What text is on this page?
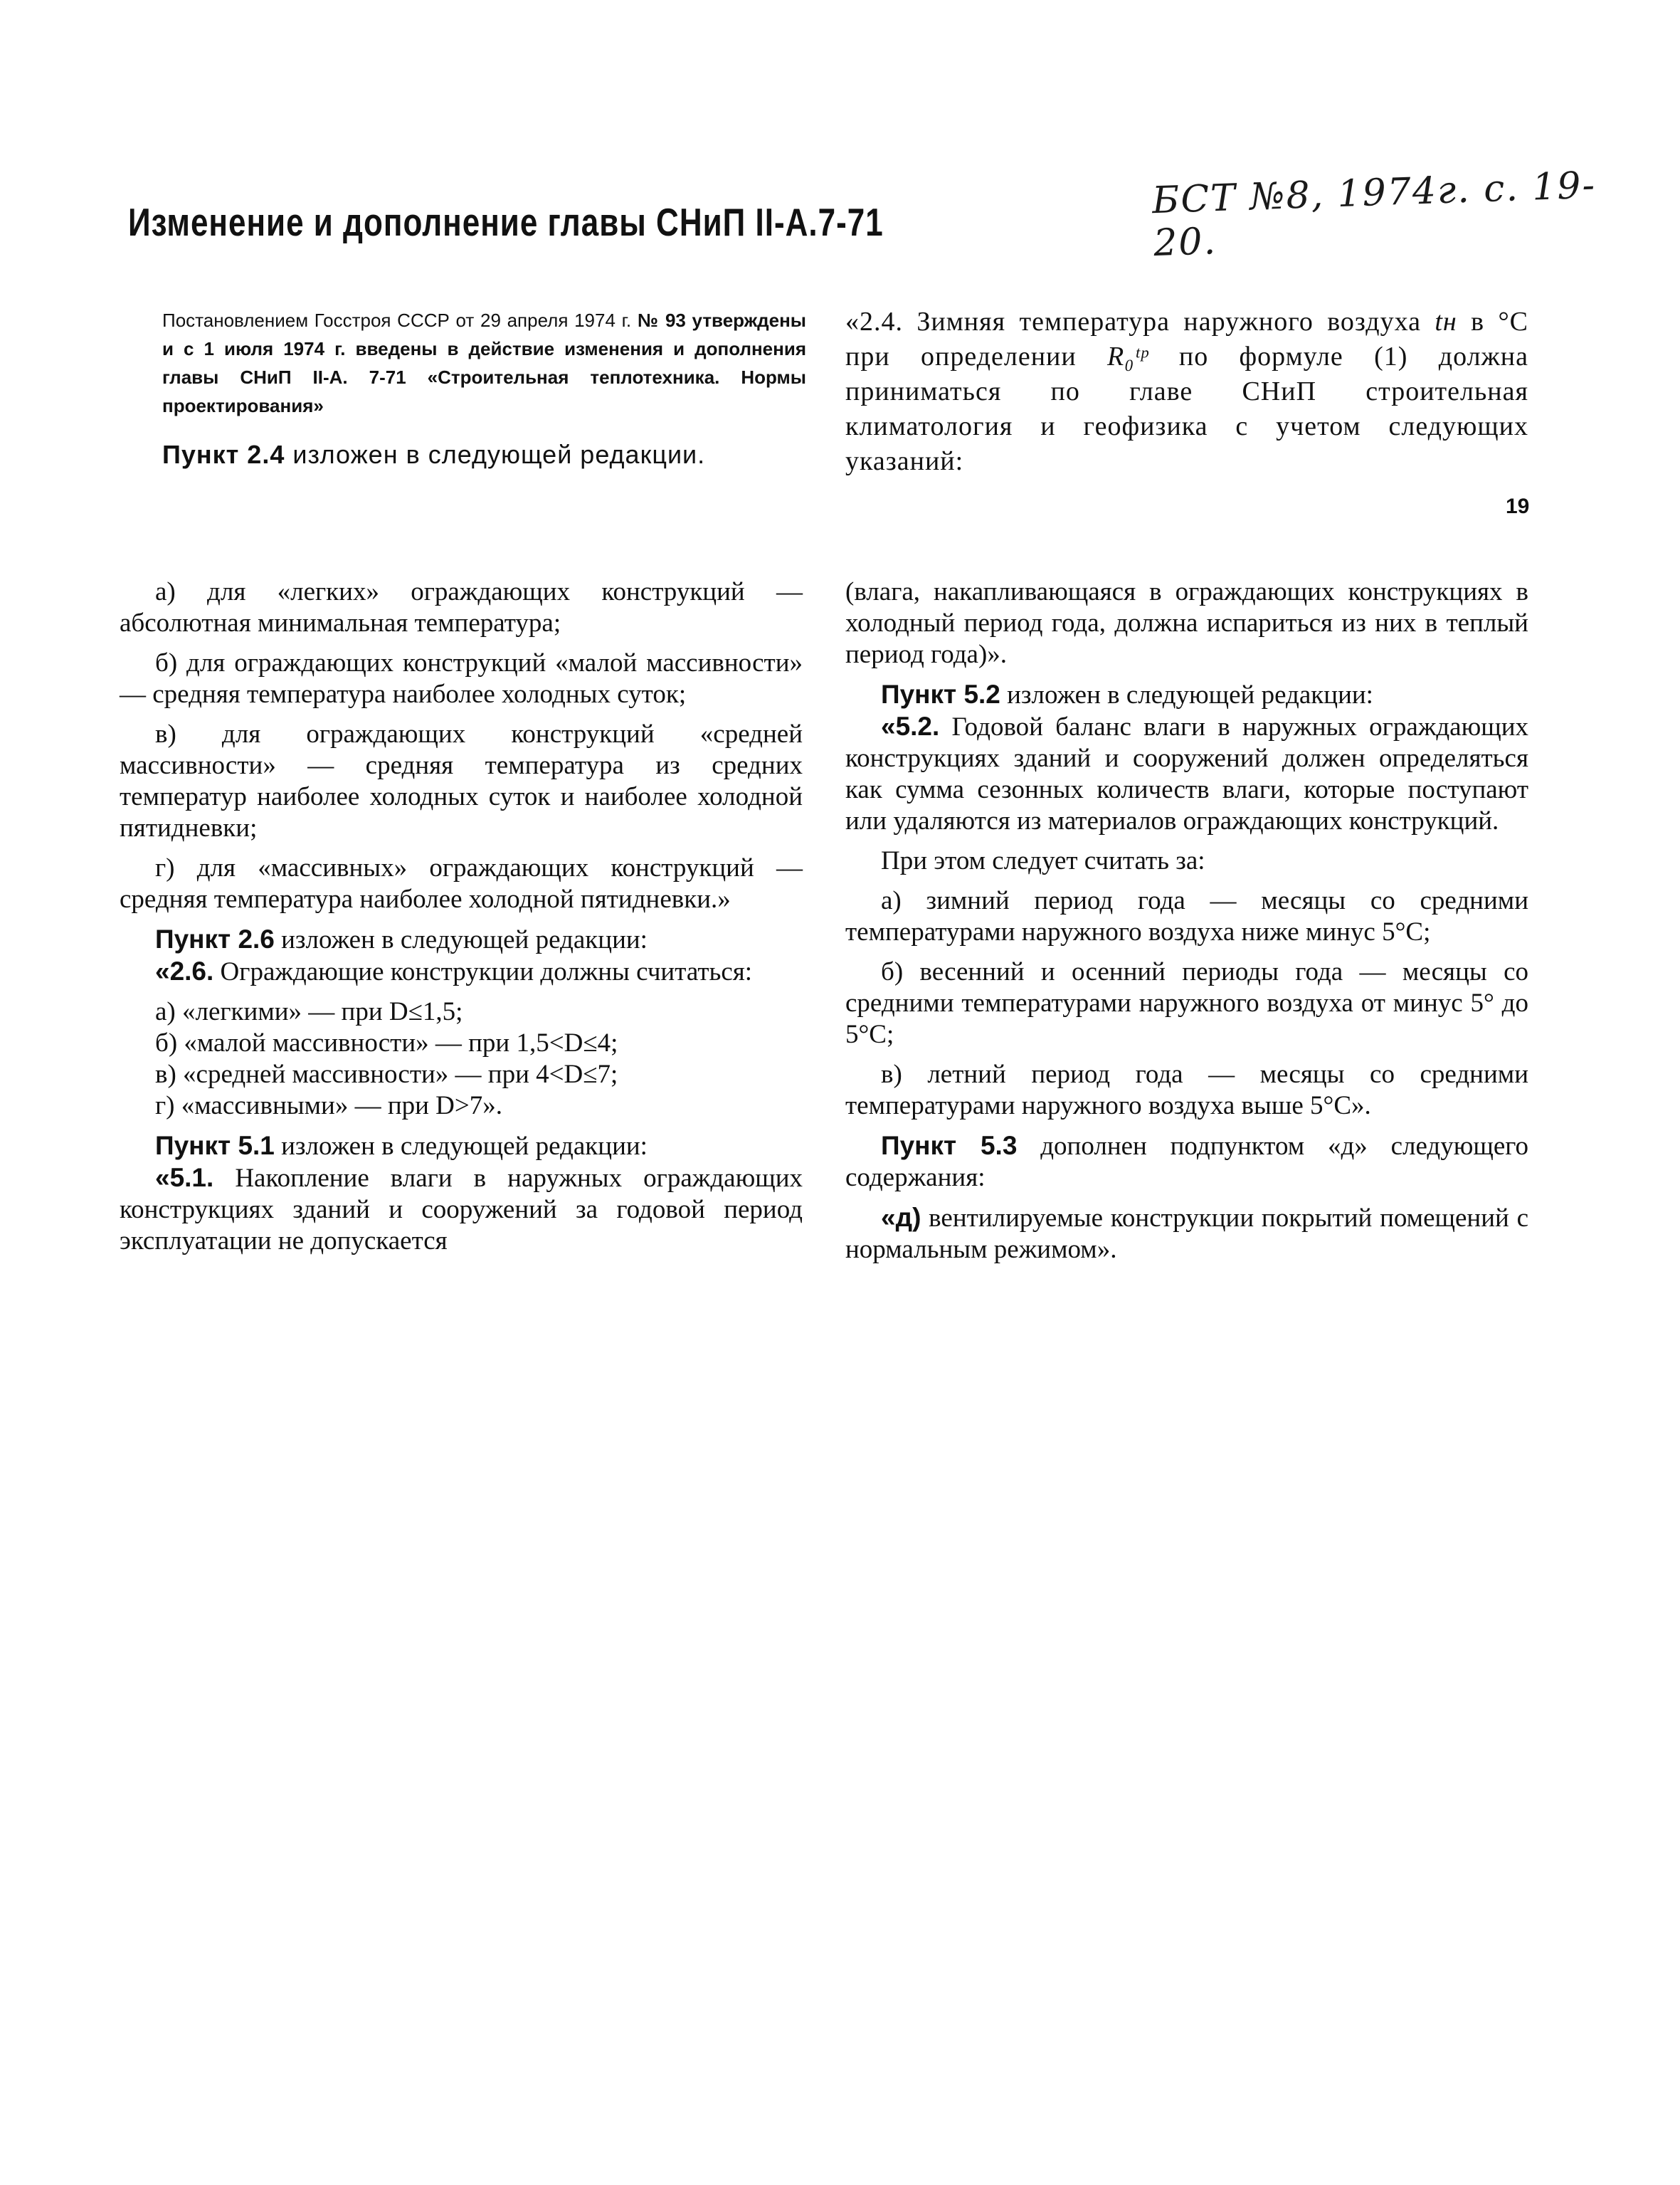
БСТ №8, 1974г. с. 19-20.
Изменение и дополнение главы СНиП II-А.7-71

Постановлением Госстроя СССР от 29 апреля 1974 г. № 93 утверждены и с 1 июля 1974 г. введены в действие изменения и дополнения главы СНиП II-А. 7-71 «Строительная теплотехника. Нормы проектирования»

Пункт 2.4 изложен в следующей редакции.
«2.4. Зимняя температура наружного воздуха tн в °С при определении R₀ᵗᵖ по формуле (1) должна приниматься по главе СНиП строительная климатология и геофизика с учетом следующих указаний:
19

а) для «легких» ограждающих конструкций — абсолютная минимальная температура;

б) для ограждающих конструкций «малой массивности» — средняя температура наиболее холодных суток;

в) для ограждающих конструкций «средней массивности» — средняя температура из средних температур наиболее холодных суток и наиболее холодной пятидневки;

г) для «массивных» ограждающих конструкций — средняя температура наиболее холодной пятидневки.»

Пункт 2.6 изложен в следующей редакции:

«2.6. Ограждающие конструкции должны считаться:

а) «легкими» — при D≤1,5;

б) «малой массивности» — при 1,5<D≤4;

в) «средней массивности» — при 4<D≤7;

г) «массивными» — при D>7».

Пункт 5.1 изложен в следующей редакции:

«5.1. Накопление влаги в наружных ограждающих конструкциях зданий и сооружений за годовой период эксплуатации не допускается

(влага, накапливающаяся в ограждающих конструкциях в холодный период года, должна испариться из них в теплый период года)».

Пункт 5.2 изложен в следующей редакции:

«5.2. Годовой баланс влаги в наружных ограждающих конструкциях зданий и сооружений должен определяться как сумма сезонных количеств влаги, которые поступают или удаляются из материалов ограждающих конструкций.

При этом следует считать за:

а) зимний период года — месяцы со средними температурами наружного воздуха ниже минус 5°С;

б) весенний и осенний периоды года — месяцы со средними температурами наружного воздуха от минус 5° до 5°С;

в) летний период года — месяцы со средними температурами наружного воздуха выше 5°С».

Пункт 5.3 дополнен подпунктом «д» следующего содержания:

«д) вентилируемые конструкции покрытий помещений с нормальным режимом».
